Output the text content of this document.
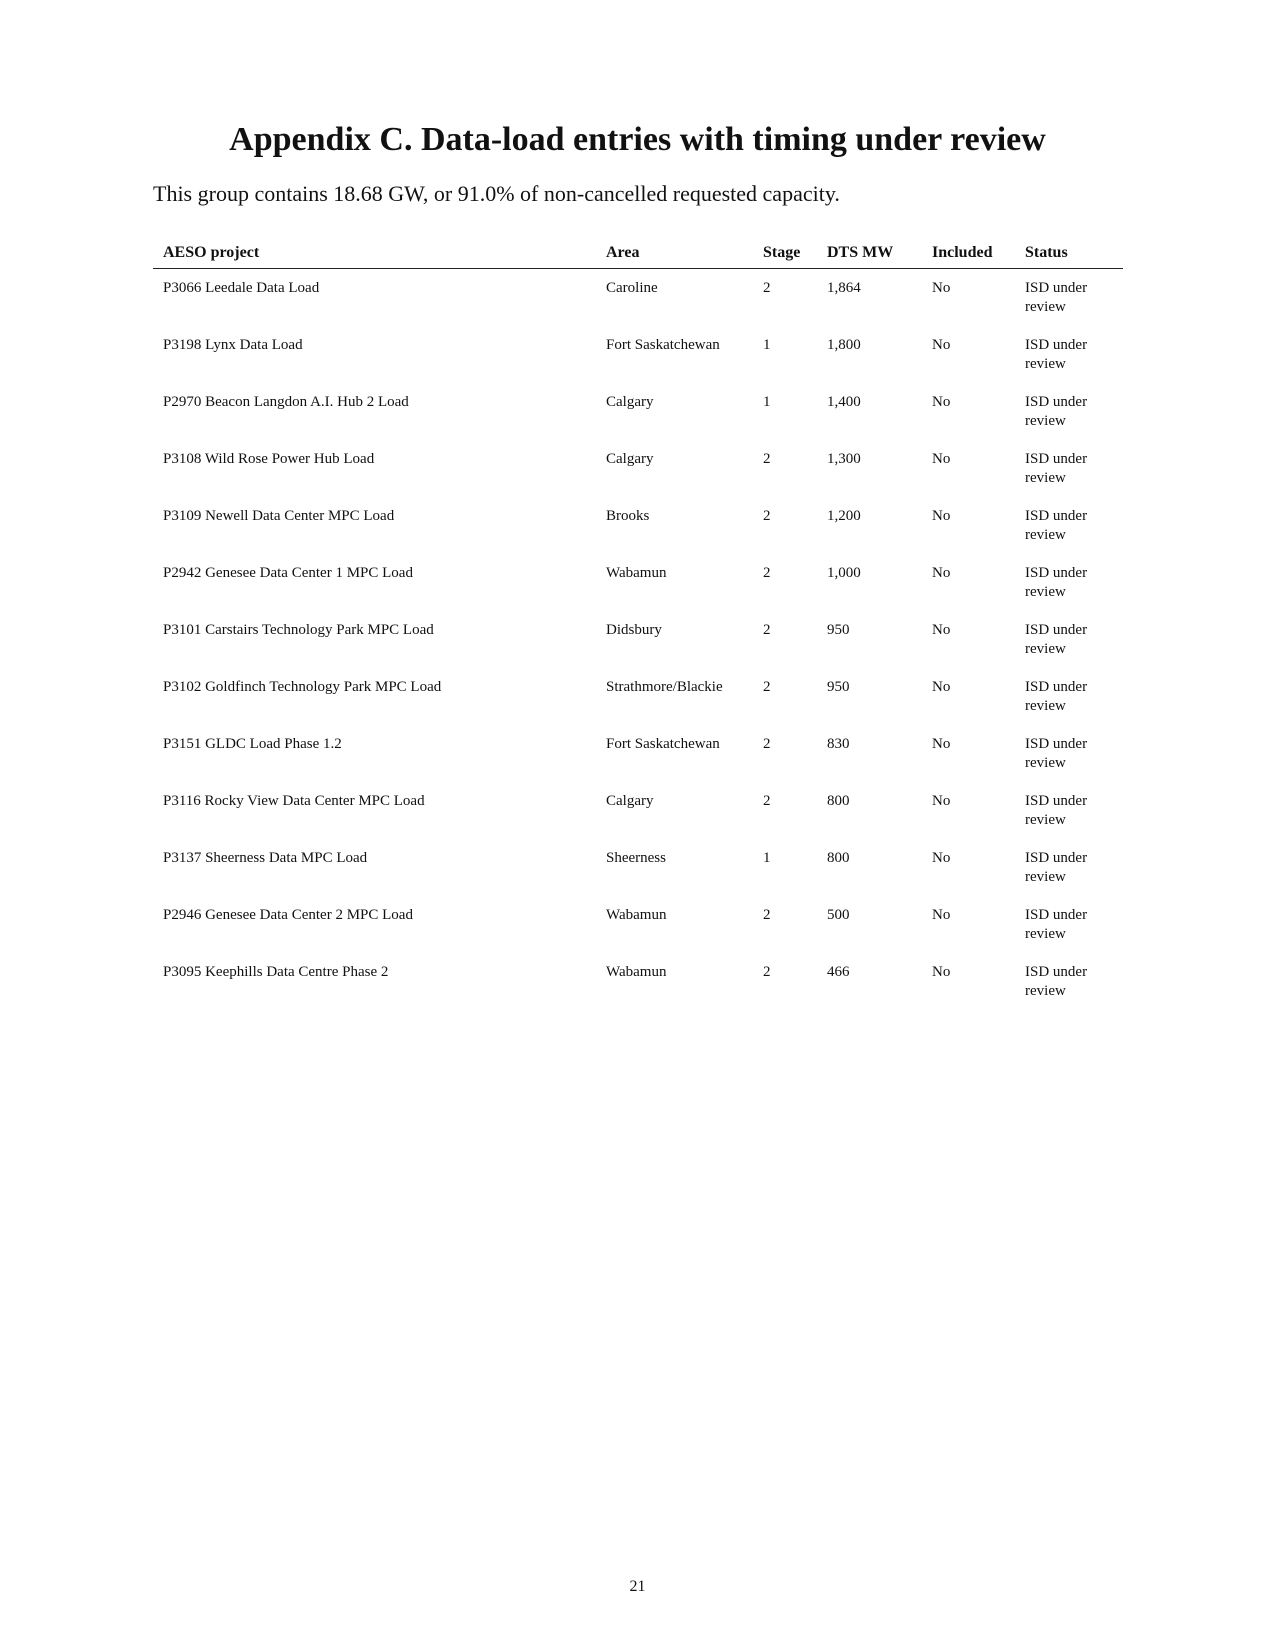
Appendix C. Data-load entries with timing under review

This group contains 18.68 GW, or 91.0% of non-cancelled requested capacity.

AESO project	Area	Stage	DTS MW	Included	Status
P3066 Leedale Data Load	Caroline	2	1,864	No	ISD under review
P3198 Lynx Data Load	Fort Saskatchewan	1	1,800	No	ISD under review
P2970 Beacon Langdon A.I. Hub 2 Load	Calgary	1	1,400	No	ISD under review
P3108 Wild Rose Power Hub Load	Calgary	2	1,300	No	ISD under review
P3109 Newell Data Center MPC Load	Brooks	2	1,200	No	ISD under review
P2942 Genesee Data Center 1 MPC Load	Wabamun	2	1,000	No	ISD under review
P3101 Carstairs Technology Park MPC Load	Didsbury	2	950	No	ISD under review
P3102 Goldfinch Technology Park MPC Load	Strathmore/Blackie	2	950	No	ISD under review
P3151 GLDC Load Phase 1.2	Fort Saskatchewan	2	830	No	ISD under review
P3116 Rocky View Data Center MPC Load	Calgary	2	800	No	ISD under review
P3137 Sheerness Data MPC Load	Sheerness	1	800	No	ISD under review
P2946 Genesee Data Center 2 MPC Load	Wabamun	2	500	No	ISD under review
P3095 Keephills Data Centre Phase 2	Wabamun	2	466	No	ISD under review
21
